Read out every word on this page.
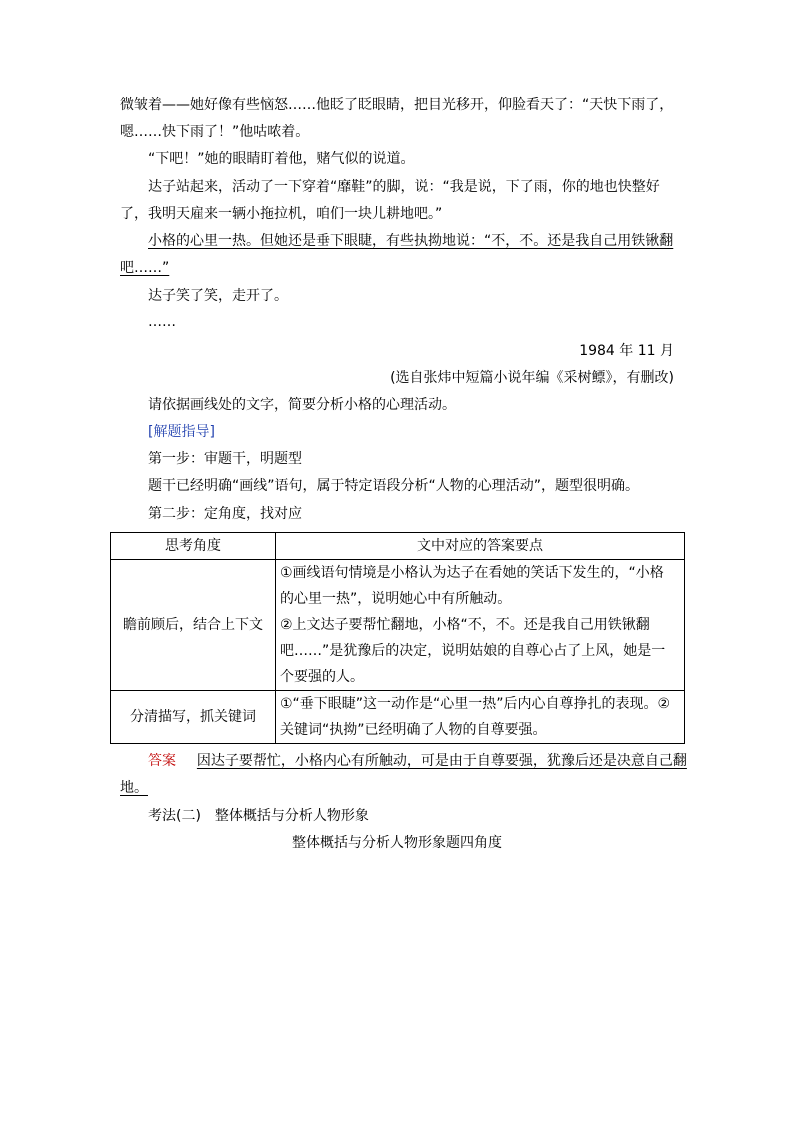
微皱着——她好像有些恼怒……他眨了眨眼睛，把目光移开，仰脸看天了：“天快下雨了，
嗯……快下雨了！”他咕哝着。
“下吧！”她的眼睛盯着他，赌气似的说道。
达子站起来，活动了一下穿着“靡鞋”的脚，说：“我是说，下了雨，你的地也快整好
了，我明天雇来一辆小拖拉机，咱们一块儿耕地吧。”
小格的心里一热。但她还是垂下眼睫，有些执拗地说：“不，不。还是我自己用铁锹翻
吧……”
达子笑了笑，走开了。
……
1984 年 11 月
(选自张炜中短篇小说年编《采树鳔》，有删改)
请依据画线处的文字，简要分析小格的心理活动。
[解题指导]
第一步：审题干，明题型
题干已经明确“画线”语句，属于特定语段分析“人物的心理活动”，题型很明确。
第二步：定角度，找对应
思考角度	文中对应的答案要点
瞻前顾后，结合上下文	①画线语句情境是小格认为达子在看她的笑话下发生的，“小格
的心里一热”，说明她心中有所触动。
②上文达子要帮忙翻地，小格“不，不。还是我自己用铁锹翻
吧……”是犹豫后的决定，说明姑娘的自尊心占了上风，她是一
个要强的人。

分清描写，抓关键词	①“垂下眼睫”这一动作是“心里一热”后内心自尊挣扎的表现。②
关键词“执拗”已经明确了人物的自尊要强。
答案 因达子要帮忙，小格内心有所触动，可是由于自尊要强，犹豫后还是决意自己翻
地。
考法(二)　整体概括与分析人物形象
整体概括与分析人物形象题四角度
